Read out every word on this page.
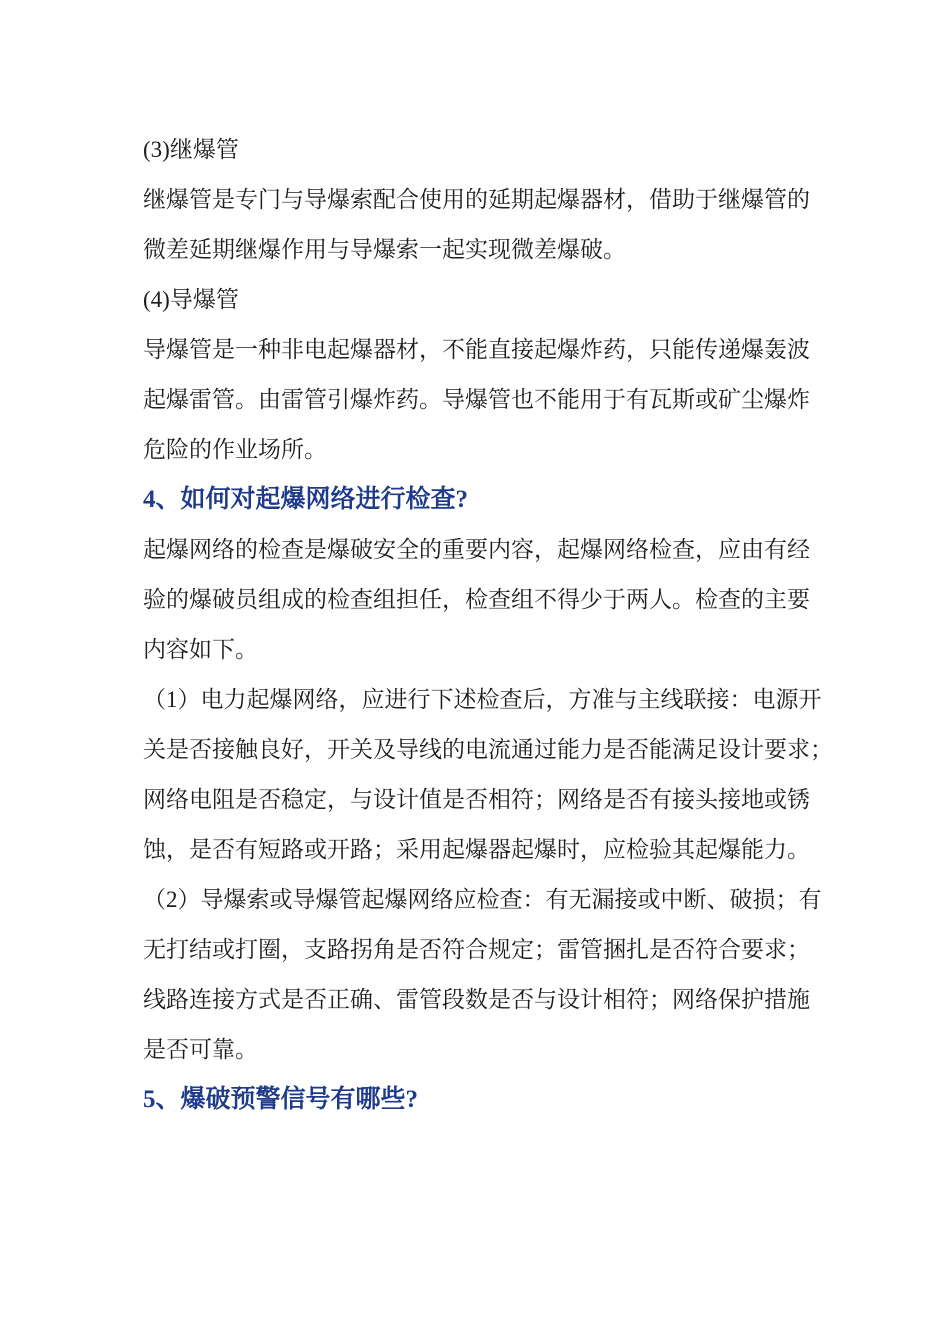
(3)继爆管
继爆管是专门与导爆索配合使用的延期起爆器材，借助于继爆管的
微差延期继爆作用与导爆索一起实现微差爆破。
(4)导爆管
导爆管是一种非电起爆器材，不能直接起爆炸药，只能传递爆轰波
起爆雷管。由雷管引爆炸药。导爆管也不能用于有瓦斯或矿尘爆炸
危险的作业场所。
4、如何对起爆网络进行检查?
起爆网络的检查是爆破安全的重要内容，起爆网络检查，应由有经
验的爆破员组成的检查组担任，检查组不得少于两人。检查的主要
内容如下。
（1）电力起爆网络，应进行下述检查后，方准与主线联接：电源开
关是否接触良好，开关及导线的电流通过能力是否能满足设计要求；
网络电阻是否稳定，与设计值是否相符；网络是否有接头接地或锈
蚀，是否有短路或开路；采用起爆器起爆时，应检验其起爆能力。
（2）导爆索或导爆管起爆网络应检查：有无漏接或中断、破损；有
无打结或打圈，支路拐角是否符合规定；雷管捆扎是否符合要求；
线路连接方式是否正确、雷管段数是否与设计相符；网络保护措施
是否可靠。
5、爆破预警信号有哪些?
